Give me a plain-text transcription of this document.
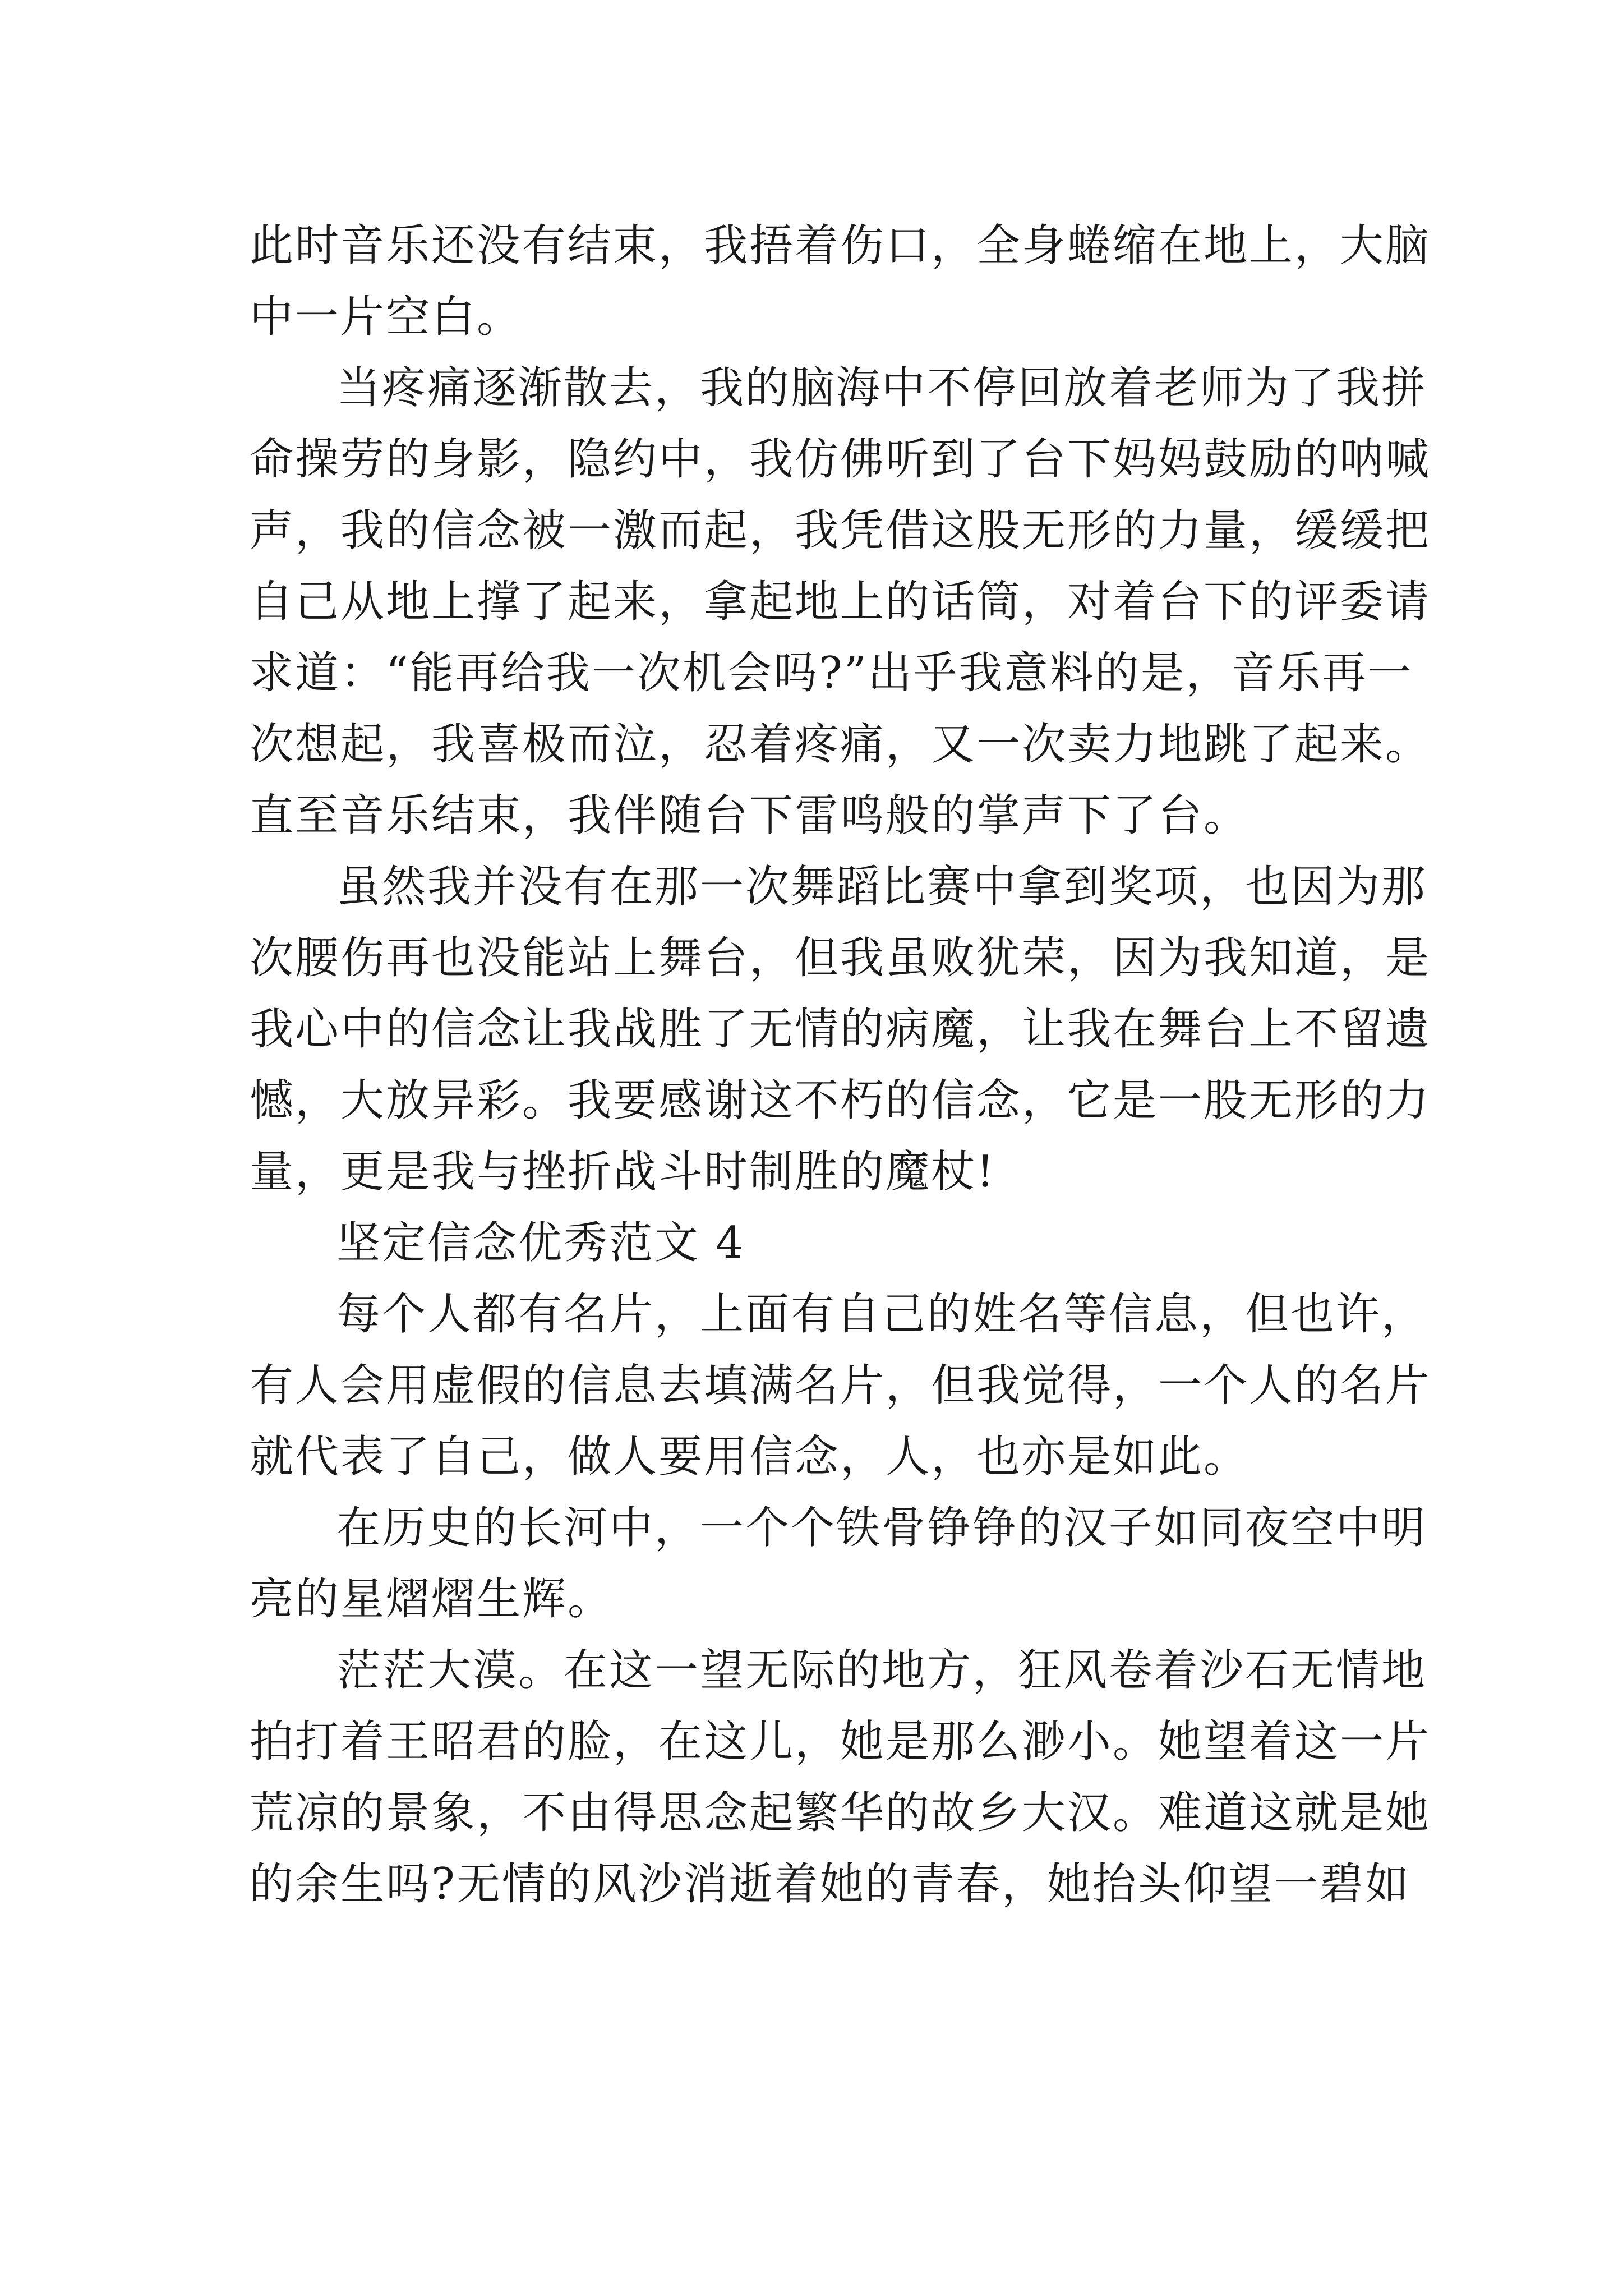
此时音乐还没有结束，我捂着伤口，全身蜷缩在地上，大脑

中一片空白。

当疼痛逐渐散去，我的脑海中不停回放着老师为了我拼

命操劳的身影，隐约中，我仿佛听到了台下妈妈鼓励的呐喊

声，我的信念被一激而起，我凭借这股无形的力量，缓缓把

自己从地上撑了起来，拿起地上的话筒，对着台下的评委请

求道：“能再给我一次机会吗?”出乎我意料的是，音乐再一

次想起，我喜极而泣，忍着疼痛，又一次卖力地跳了起来。

直至音乐结束，我伴随台下雷鸣般的掌声下了台。

虽然我并没有在那一次舞蹈比赛中拿到奖项，也因为那

次腰伤再也没能站上舞台，但我虽败犹荣，因为我知道，是

我心中的信念让我战胜了无情的病魔，让我在舞台上不留遗

憾，大放异彩。我要感谢这不朽的信念，它是一股无形的力

量，更是我与挫折战斗时制胜的魔杖!

坚定信念优秀范文 4

每个人都有名片，上面有自己的姓名等信息，但也许，

有人会用虚假的信息去填满名片，但我觉得，一个人的名片

就代表了自己，做人要用信念，人，也亦是如此。

在历史的长河中，一个个铁骨铮铮的汉子如同夜空中明

亮的星熠熠生辉。

茫茫大漠。在这一望无际的地方，狂风卷着沙石无情地

拍打着王昭君的脸，在这儿，她是那么渺小。她望着这一片

荒凉的景象，不由得思念起繁华的故乡大汉。难道这就是她

的余生吗?无情的风沙消逝着她的青春，她抬头仰望一碧如
